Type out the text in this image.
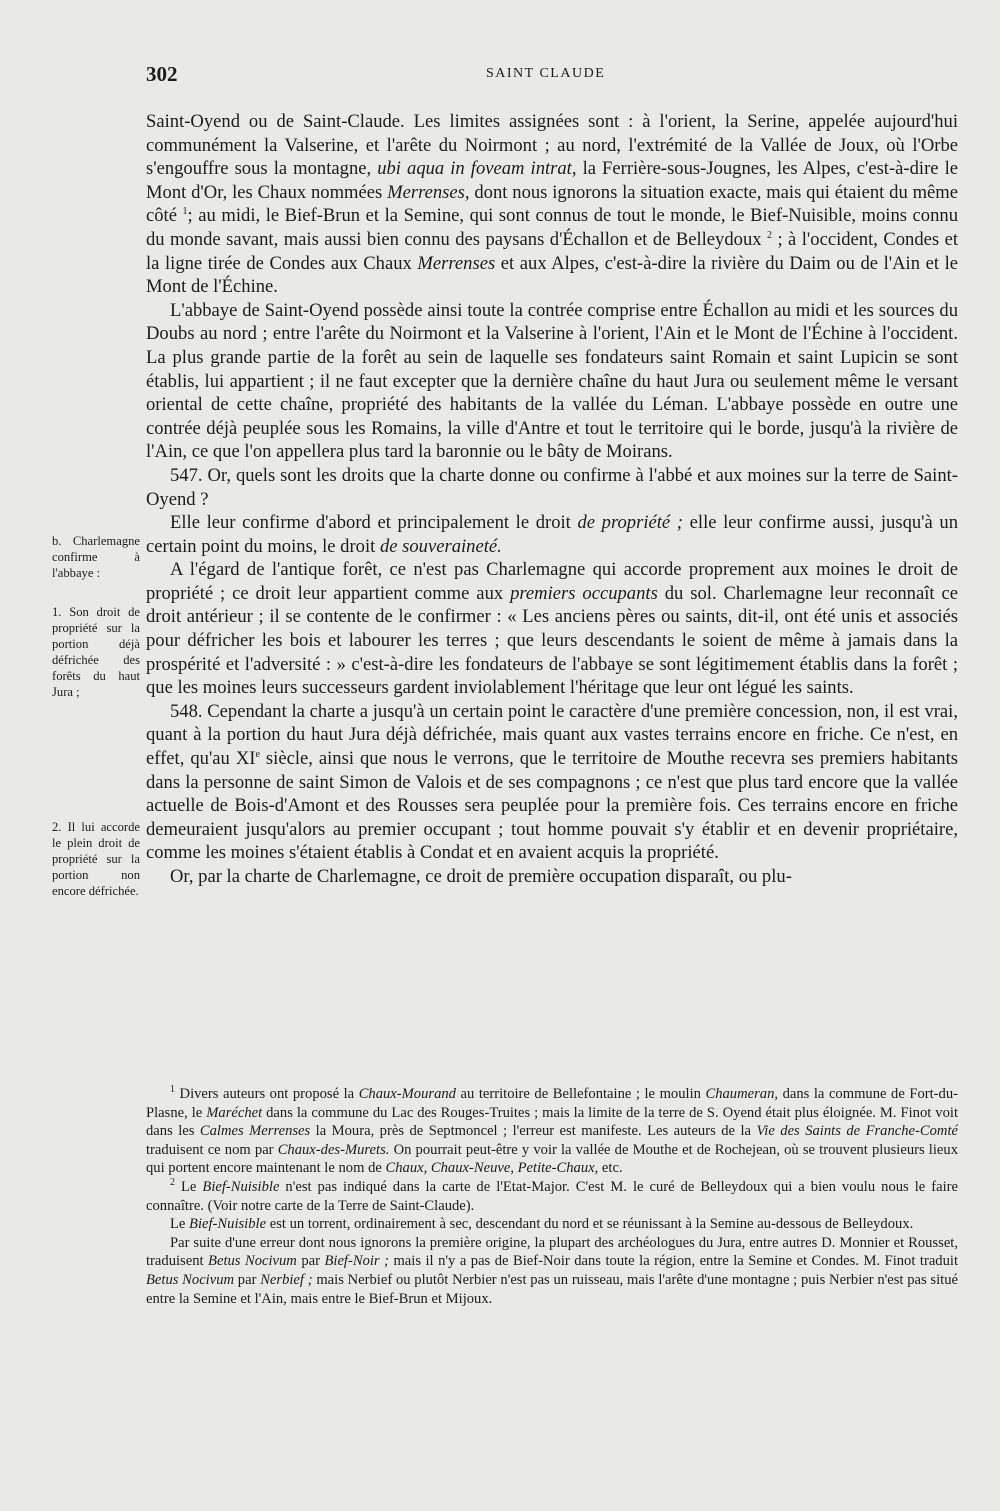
302	SAINT CLAUDE

Saint-Oyend ou de Saint-Claude. Les limites assignées sont : à l'orient, la Serine, appelée aujourd'hui communément la Valserine, et l'arête du Noirmont ; au nord, l'extrémité de la Vallée de Joux, où l'Orbe s'engouffre sous la montagne, ubi aqua in foveam intrat, la Ferrière-sous-Jougnes, les Alpes, c'est-à-dire le Mont d'Or, les Chaux nommées Merrenses, dont nous ignorons la situation exacte, mais qui étaient du même côté $^1$; au midi, le Bief-Brun et la Semine, qui sont connus de tout le monde, le Bief-Nuisible, moins connu du monde savant, mais aussi bien connu des paysans d'Échallon et de Belleydoux $^2$ ; à l'occident, Condes et la ligne tirée de Condes aux Chaux Merrenses et aux Alpes, c'est-à-dire la rivière du Daim ou de l'Ain et le Mont de l'Échine.

L'abbaye de Saint-Oyend possède ainsi toute la contrée comprise entre Échallon au midi et les sources du Doubs au nord ; entre l'arête du Noirmont et la Valserine à l'orient, l'Ain et le Mont de l'Échine à l'occident. La plus grande partie de la forêt au sein de laquelle ses fondateurs saint Romain et saint Lupicin se sont établis, lui appartient ; il ne faut excepter que la dernière chaîne du haut Jura ou seulement même le versant oriental de cette chaîne, propriété des habitants de la vallée du Léman. L'abbaye possède en outre une contrée déjà peuplée sous les Romains, la ville d'Antre et tout le territoire qui le borde, jusqu'à la rivière de l'Ain, ce que l'on appellera plus tard la baronnie ou le bâty de Moirans.

547. Or, quels sont les droits que la charte donne ou confirme à l'abbé et aux moines sur la terre de Saint-Oyend ?

Elle leur confirme d'abord et principalement le droit de propriété ; elle leur confirme aussi, jusqu'à un certain point du moins, le droit de souveraineté.

A l'égard de l'antique forêt, ce n'est pas Charlemagne qui accorde proprement aux moines le droit de propriété ; ce droit leur appartient comme aux premiers occupants du sol. Charlemagne leur reconnaît ce droit antérieur ; il se contente de le confirmer : « Les anciens pères ou saints, dit-il, ont été unis et associés pour défricher les bois et labourer les terres ; que leurs descendants le soient de même à jamais dans la prospérité et l'adversité : » c'est-à-dire les fondateurs de l'abbaye se sont légitimement établis dans la forêt ; que les moines leurs successeurs gardent inviolablement l'héritage que leur ont légué les saints.

548. Cependant la charte a jusqu'à un certain point le caractère d'une première concession, non, il est vrai, quant à la portion du haut Jura déjà défrichée, mais quant aux vastes terrains encore en friche. Ce n'est, en effet, qu'au XIe siècle, ainsi que nous le verrons, que le territoire de Mouthe recevra ses premiers habitants dans la personne de saint Simon de Valois et de ses compagnons ; ce n'est que plus tard encore que la vallée actuelle de Bois-d'Amont et des Rousses sera peuplée pour la première fois. Ces terrains encore en friche demeuraient jusqu'alors au premier occupant ; tout homme pouvait s'y établir et en devenir propriétaire, comme les moines s'étaient établis à Condat et en avaient acquis la propriété.

Or, par la charte de Charlemagne, ce droit de première occupation disparaît, ou plu-

b. Charlemagne confirme à l'abbaye :
1. Son droit de propriété sur la portion déjà défrichée des forêts du haut Jura ;
2. Il lui accorde le plein droit de propriété sur la portion non encore défrichée.

$^1$ Divers auteurs ont proposé la Chaux-Mourand au territoire de Bellefontaine ; le moulin Chaumeran, dans la commune de Fort-du-Plasne, le Maréchet dans la commune du Lac des Rouges-Truites ; mais la limite de la terre de S. Oyend était plus éloignée. M. Finot voit dans les Calmes Merrenses la Moura, près de Septmoncel ; l'erreur est manifeste. Les auteurs de la Vie des Saints de Franche-Comté traduisent ce nom par Chaux-des-Murets. On pourrait peut-être y voir la vallée de Mouthe et de Rochejean, où se trouvent plusieurs lieux qui portent encore maintenant le nom de Chaux, Chaux-Neuve, Petite-Chaux, etc.

$^2$ Le Bief-Nuisible n'est pas indiqué dans la carte de l'Etat-Major. C'est M. le curé de Belleydoux qui a bien voulu nous le faire connaître. (Voir notre carte de la Terre de Saint-Claude).

Le Bief-Nuisible est un torrent, ordinairement à sec, descendant du nord et se réunissant à la Semine au-dessous de Belleydoux.

Par suite d'une erreur dont nous ignorons la première origine, la plupart des archéologues du Jura, entre autres D. Monnier et Rousset, traduisent Betus Nocivum par Bief-Noir ; mais il n'y a pas de Bief-Noir dans toute la région, entre la Semine et Condes. M. Finot traduit Betus Nocivum par Nerbief ; mais Nerbief ou plutôt Nerbier n'est pas un ruisseau, mais l'arête d'une montagne ; puis Nerbier n'est pas situé entre la Semine et l'Ain, mais entre le Bief-Brun et Mijoux.
